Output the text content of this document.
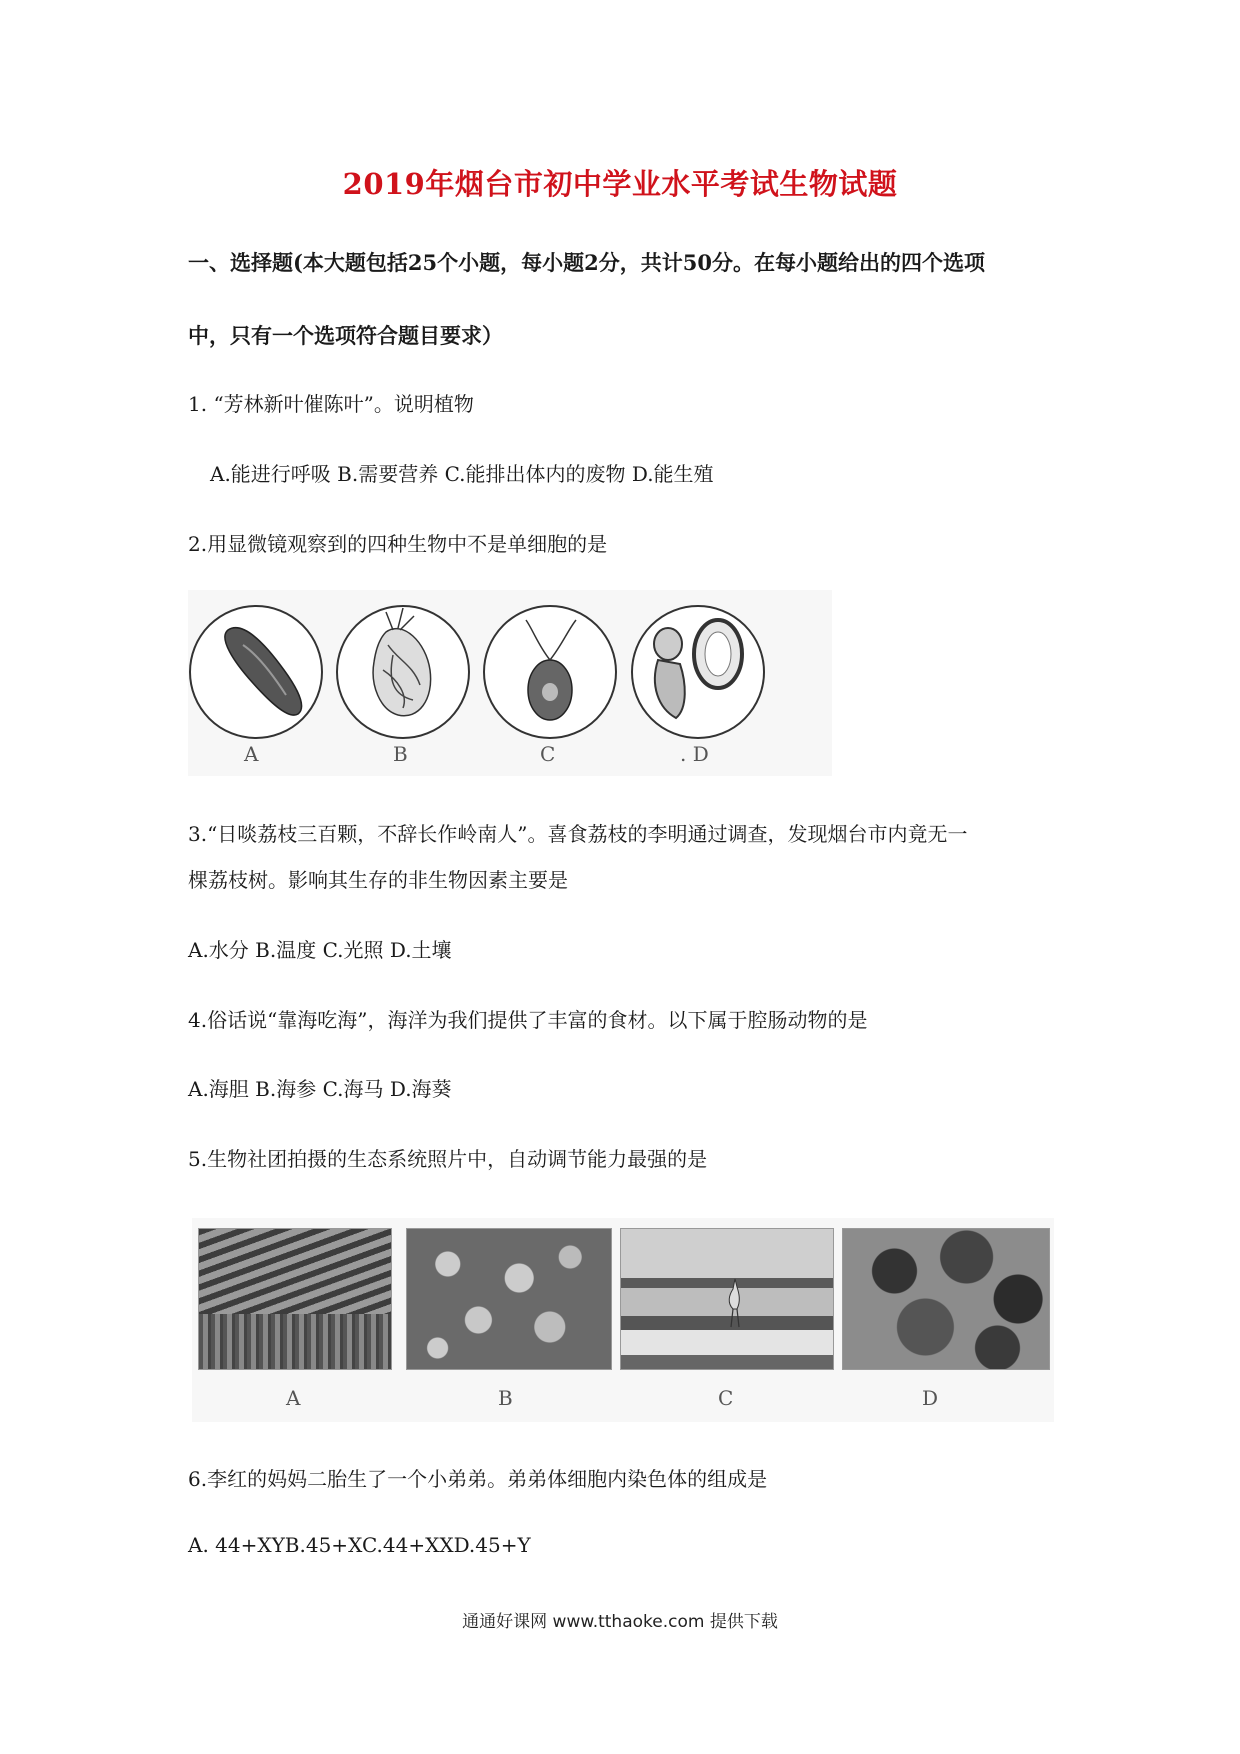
2019年烟台市初中学业水平考试生物试题
一、选择题(本大题包括25个小题，每小题2分，共计50分。在每小题给出的四个选项
中，只有一个选项符合题目要求）
1. “芳林新叶催陈叶”。说明植物
A.能进行呼吸 B.需要营养 C.能排出体内的废物 D.能生殖
2.用显微镜观察到的四种生物中不是单细胞的是
A	B	C	. D
3.“日啖荔枝三百颗，不辞长作岭南人”。喜食荔枝的李明通过调查，发现烟台市内竟无一
棵荔枝树。影响其生存的非生物因素主要是
A.水分 B.温度 C.光照 D.土壤
4.俗话说“靠海吃海”，海洋为我们提供了丰富的食材。以下属于腔肠动物的是
A.海胆 B.海参 C.海马 D.海葵
5.生物社团拍摄的生态系统照片中，自动调节能力最强的是
A	B	C	D
6.李红的妈妈二胎生了一个小弟弟。弟弟体细胞内染色体的组成是
A. 44+XYB.45+XC.44+XXD.45+Y
通通好课网 www.tthaoke.com 提供下载
